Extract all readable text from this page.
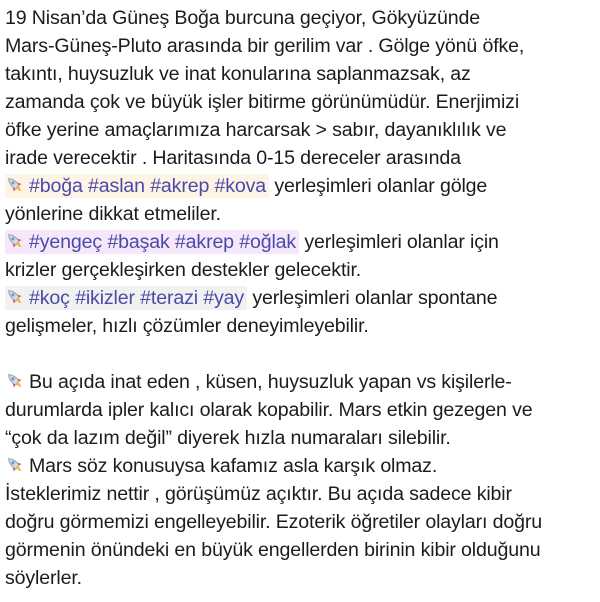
19 Nisan’da Güneş Boğa burcuna geçiyor, Gökyüzünde
Mars-Güneş-Pluto arasında bir gerilim var . Gölge yönü öfke,
takıntı, huysuzluk ve inat konularına saplanmazsak, az
zamanda çok ve büyük işler bitirme görünümüdür. Enerjimizi
öfke yerine amaçlarımıza harcarsak > sabır, dayanıklılık ve
irade verecektir . Haritasında 0-15 dereceler arasında
#boğa #aslan #akrep #kova yerleşimleri olanlar gölge
yönlerine dikkat etmeliler.
#yengeç #başak #akrep #oğlak yerleşimleri olanlar için
krizler gerçekleşirken destekler gelecektir.
#koç #ikizler #terazi #yay yerleşimleri olanlar spontane
gelişmeler, hızlı çözümler deneyimleyebilir.
Bu açıda inat eden , küsen, huysuzluk yapan vs kişilerle-
durumlarda ipler kalıcı olarak kopabilir. Mars etkin gezegen ve
“çok da lazım değil” diyerek hızla numaraları silebilir.
Mars söz konusuysa kafamız asla karşık olmaz.
İsteklerimiz nettir , görüşümüz açıktır. Bu açıda sadece kibir
doğru görmemizi engelleyebilir. Ezoterik öğretiler olayları doğru
görmenin önündeki en büyük engellerden birinin kibir olduğunu
söylerler.
